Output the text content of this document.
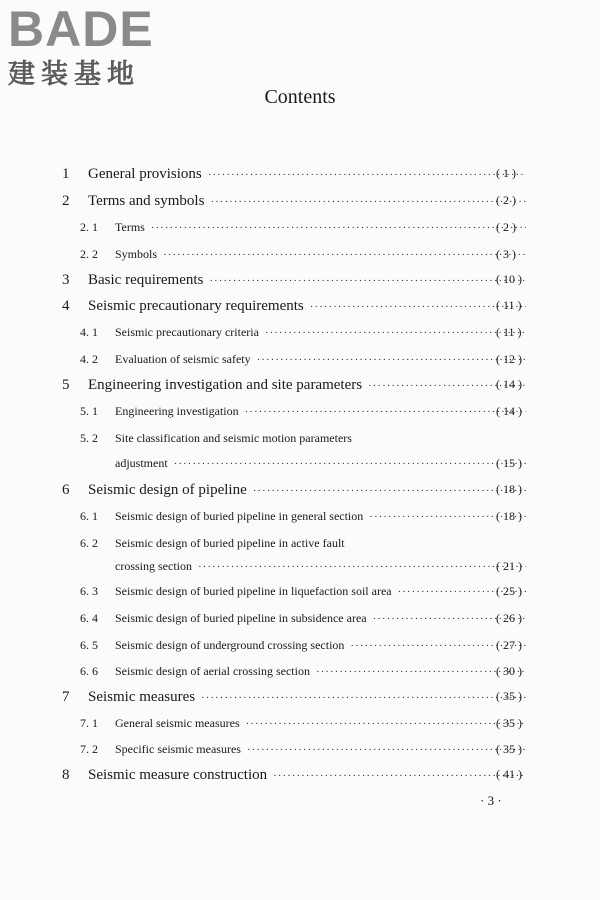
BADE
建装基地
Contents
1 General provisions ·····	( 1 )
2 Terms and symbols ·····	( 2 )
2. 1 Terms ·····	( 2 )
2. 2 Symbols ·····	( 3 )
3 Basic requirements ·····	( 10 )
4 Seismic precautionary requirements ·····	( 11 )
4. 1 Seismic precautionary criteria ·····	( 11 )
4. 2 Evaluation of seismic safety ·····	( 12 )
5 Engineering investigation and site parameters ·····	( 14 )
5. 1 Engineering investigation ·····	( 14 )
5. 2 Site classification and seismic motion parameters
adjustment ·····	( 15 )
6 Seismic design of pipeline ·····	( 18 )
6. 1 Seismic design of buried pipeline in general section ·····	( 18 )
6. 2 Seismic design of buried pipeline in active fault
crossing section ·····	( 21 )
6. 3 Seismic design of buried pipeline in liquefaction soil area ·····	( 25 )
6. 4 Seismic design of buried pipeline in subsidence area ·····	( 26 )
6. 5 Seismic design of underground crossing section ·····	( 27 )
6. 6 Seismic design of aerial crossing section ·····	( 30 )
7 Seismic measures ·····	( 35 )
7. 1 General seismic measures ·····	( 35 )
7. 2 Specific seismic measures ·····	( 35 )
8 Seismic measure construction ·····	( 41 )
· 3 ·
